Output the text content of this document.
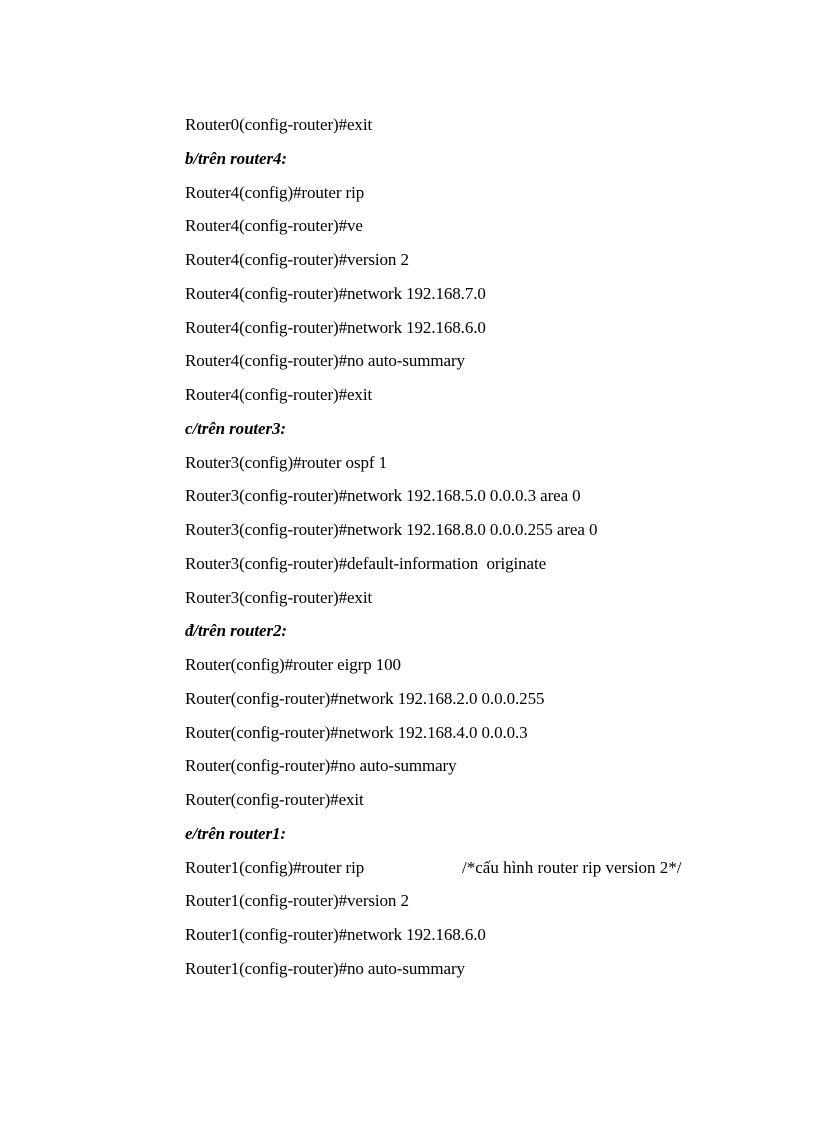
Router0(config-router)#exit
b/trên router4:
Router4(config)#router rip
Router4(config-router)#ve
Router4(config-router)#version 2
Router4(config-router)#network 192.168.7.0
Router4(config-router)#network 192.168.6.0
Router4(config-router)#no auto-summary
Router4(config-router)#exit
c/trên router3:
Router3(config)#router ospf 1
Router3(config-router)#network 192.168.5.0 0.0.0.3 area 0
Router3(config-router)#network 192.168.8.0 0.0.0.255 area 0
Router3(config-router)#default-information  originate
Router3(config-router)#exit
đ/trên router2:
Router(config)#router eigrp 100
Router(config-router)#network 192.168.2.0 0.0.0.255
Router(config-router)#network 192.168.4.0 0.0.0.3
Router(config-router)#no auto-summary
Router(config-router)#exit
e/trên router1:
Router1(config)#router rip	/*cấu hình router rip version 2*/
Router1(config-router)#version 2
Router1(config-router)#network 192.168.6.0
Router1(config-router)#no auto-summary
